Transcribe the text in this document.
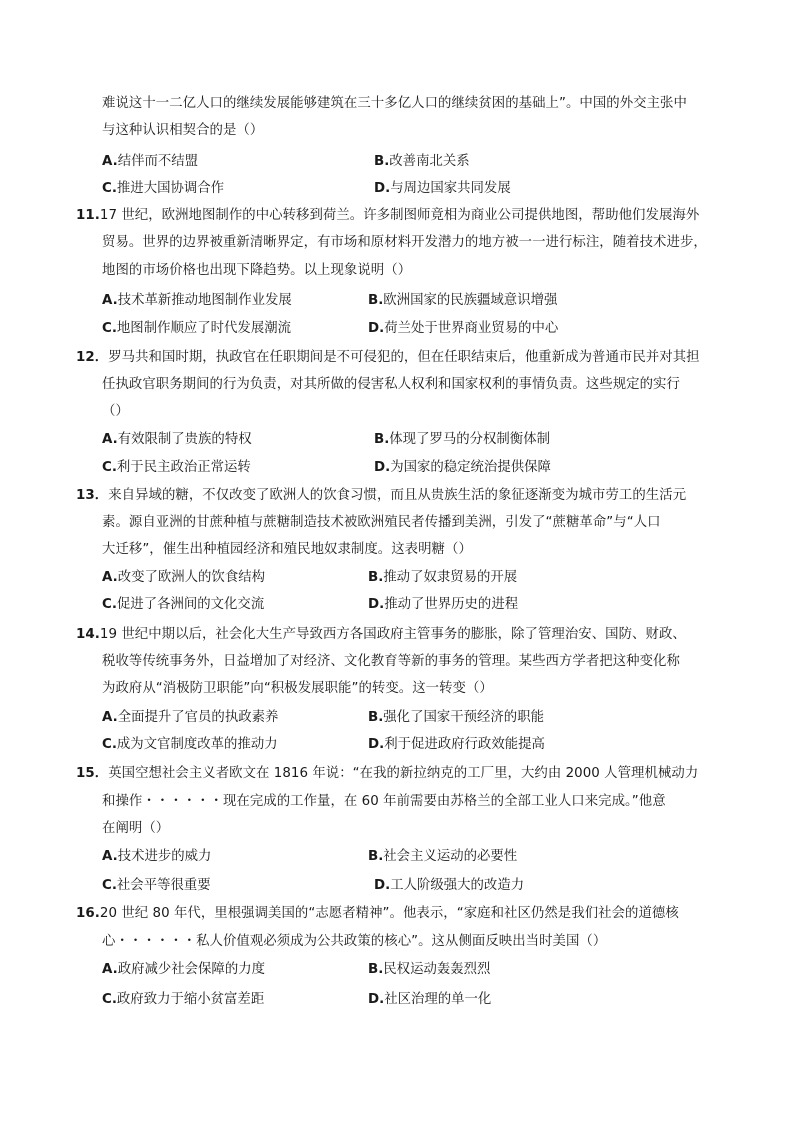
难说这十一二亿人口的继续发展能够建筑在三十多亿人口的继续贫困的基础上”。中国的外交主张中
与这种认识相契合的是（）
A.结伴而不结盟	B.改善南北关系
C.推进大国协调合作	D.与周边国家共同发展
11.17 世纪，欧洲地图制作的中心转移到荷兰。许多制图师竟相为商业公司提供地图，帮助他们发展海外
贸易。世界的边界被重新清晰界定，有市场和原材料开发潜力的地方被一一进行标注，随着技术进步，
地图的市场价格也出现下降趋势。以上现象说明（）
A.技术革新推动地图制作业发展	B.欧洲国家的民族疆域意识增强
C.地图制作顺应了时代发展潮流	D.荷兰处于世界商业贸易的中心
12．罗马共和国时期，执政官在任职期间是不可侵犯的，但在任职结束后，他重新成为普通市民并对其担
任执政官职务期间的行为负责，对其所做的侵害私人权利和国家权利的事情负责。这些规定的实行
（）
A.有效限制了贵族的特权	B.体现了罗马的分权制衡体制
C.利于民主政治正常运转	D.为国家的稳定统治提供保障
13．来自异域的糖，不仅改变了欧洲人的饮食习惯，而且从贵族生活的象征逐渐变为城市劳工的生活元
素。源自亚洲的甘蔗种植与蔗糖制造技术被欧洲殖民者传播到美洲，引发了“蔗糖革命”与“人口
大迁移”，催生出种植园经济和殖民地奴隶制度。这表明糖（）
A.改变了欧洲人的饮食结构	B.推动了奴隶贸易的开展
C.促进了各洲间的文化交流	D.推动了世界历史的进程
14.19 世纪中期以后，社会化大生产导致西方各国政府主管事务的膨胀，除了管理治安、国防、财政、
税收等传统事务外，日益增加了对经济、文化教育等新的事务的管理。某些西方学者把这种变化称
为政府从“消极防卫职能”向“积极发展职能”的转变。这一转变（）
A.全面提升了官员的执政素养	B.强化了国家干预经济的职能
C.成为文官制度改革的推动力	D.利于促进政府行政效能提高
15．英国空想社会主义者欧文在 1816 年说：“在我的新拉纳克的工厂里，大约由 2000 人管理机械动力
和操作・・・・・・现在完成的工作量，在 60 年前需要由苏格兰的全部工业人口来完成。”他意
在阐明（）
A.技术进步的威力	B.社会主义运动的必要性
C.社会平等很重要	D.工人阶级强大的改造力
16.20 世纪 80 年代，里根强调美国的“志愿者精神”。他表示，“家庭和社区仍然是我们社会的道德核
心・・・・・・私人价值观必须成为公共政策的核心”。这从侧面反映出当时美国（）
A.政府减少社会保障的力度	B.民权运动轰轰烈烈
C.政府致力于缩小贫富差距	D.社区治理的单一化
